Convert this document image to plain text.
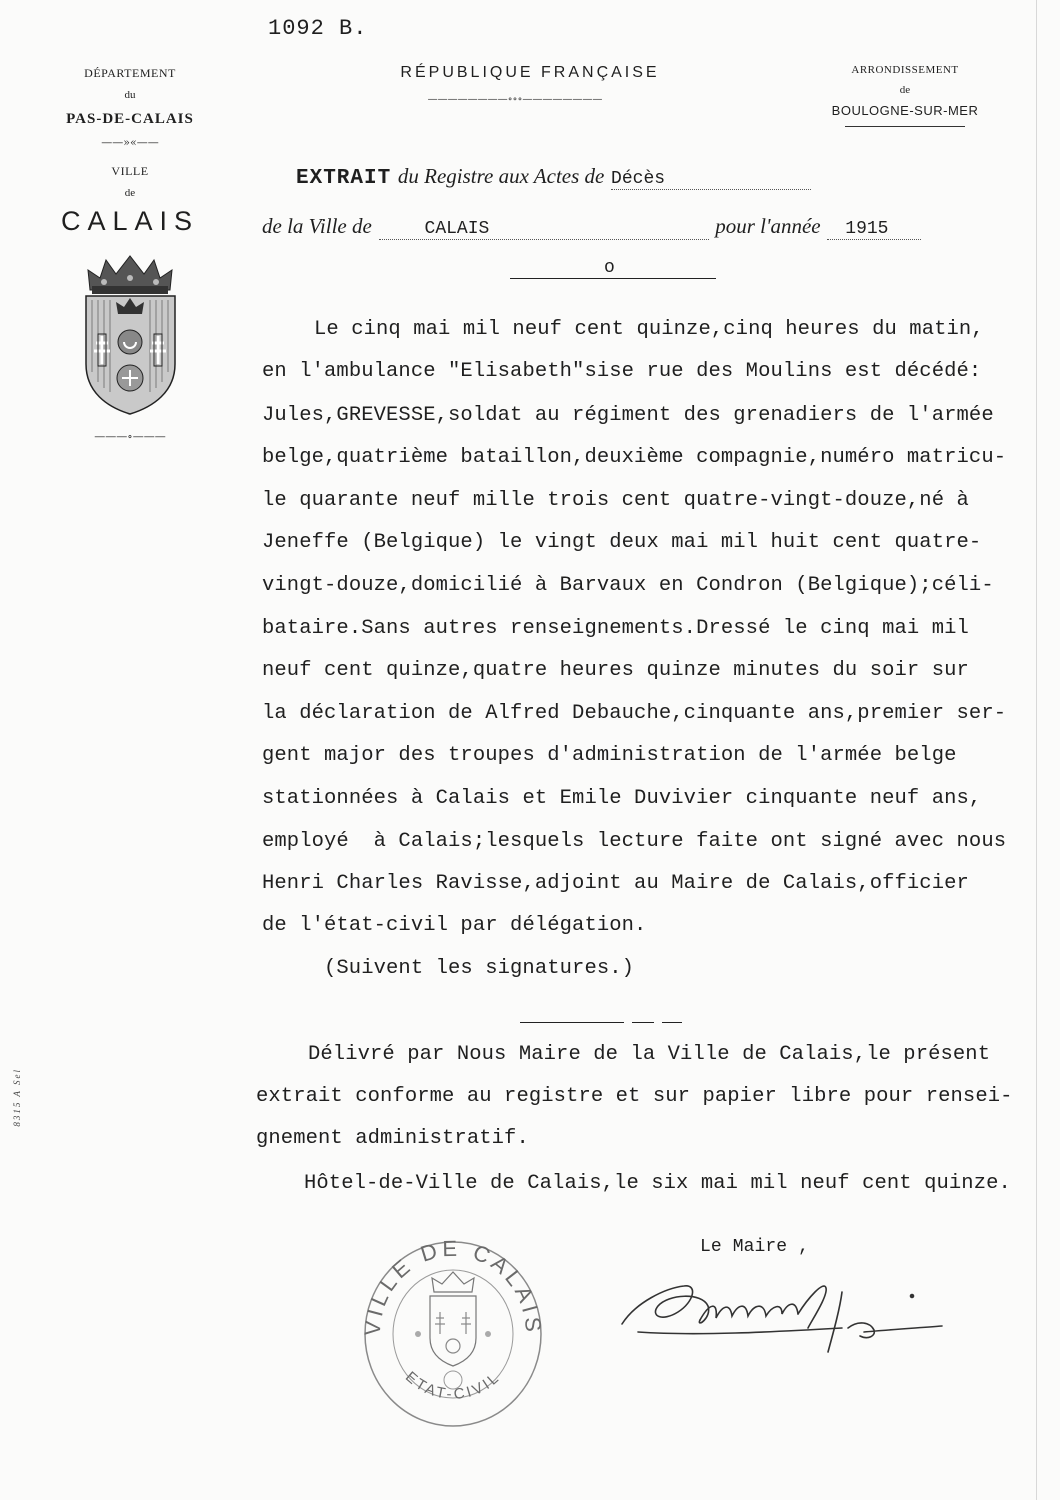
1092 B.
DÉPARTEMENT
du
PAS-DE-CALAIS
——»«——
VILLE
de
CALAIS
———∘———
RÉPUBLIQUE FRANÇAISE
————————∘∘∘————————
ARRONDISSEMENT
de
BOULOGNE-SUR-MER
EXTRAIT du Registre aux Actes de Décès
de la Ville de	CALAIS	pour l'année 1915
o
Le cinq mai mil neuf cent quinze,cinq heures du matin,
en l'ambulance "Elisabeth"sise rue des Moulins est décédé:
Jules,GREVESSE,soldat au régiment des grenadiers de l'armée
belge,quatrième bataillon,deuxième compagnie,numéro matricu-
le quarante neuf mille trois cent quatre-vingt-douze,né à
Jeneffe (Belgique) le vingt deux mai mil huit cent quatre-
vingt-douze,domicilié à Barvaux en Condron (Belgique);céli-
bataire.Sans autres renseignements.Dressé le cinq mai mil
neuf cent quinze,quatre heures quinze minutes du soir sur
la déclaration de Alfred Debauche,cinquante ans,premier ser-
gent major des troupes d'administration de l'armée belge
stationnées à Calais et Emile Duvivier cinquante neuf ans,
employé  à Calais;lesquels lecture faite ont signé avec nous
Henri Charles Ravisse,adjoint au Maire de Calais,officier
de l'état-civil par délégation.
(Suivent les signatures.)
Délivré par Nous Maire de la Ville de Calais,le présent
extrait conforme au registre et sur papier libre pour rensei-
gnement administratif.
Hôtel-de-Ville de Calais,le six mai mil neuf cent quinze.
Le Maire ,
8315 A Sel
VILLE DE CALAIS
ETAT-CIVIL
